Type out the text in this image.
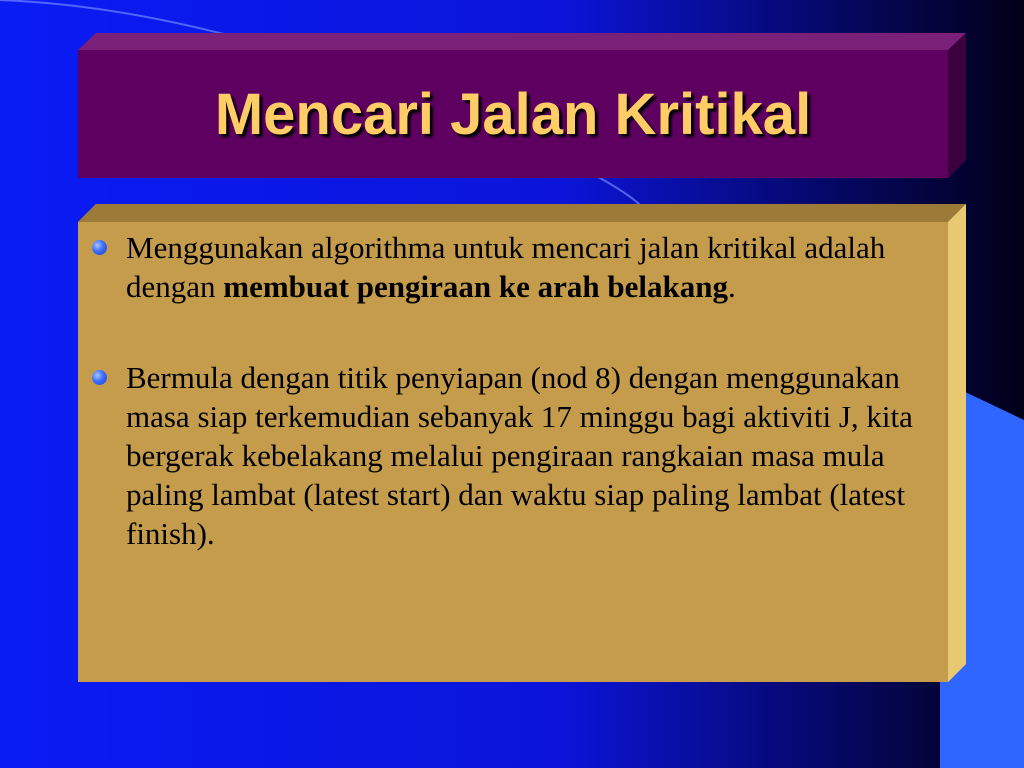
Mencari Jalan Kritikal
Menggunakan algorithma untuk mencari jalan kritikal adalah dengan membuat pengiraan ke arah belakang.
Bermula dengan titik penyiapan (nod 8) dengan menggunakan masa siap terkemudian sebanyak 17 minggu bagi aktiviti J, kita bergerak kebelakang melalui pengiraan rangkaian masa mula paling lambat (latest start) dan waktu siap paling lambat (latest finish).
